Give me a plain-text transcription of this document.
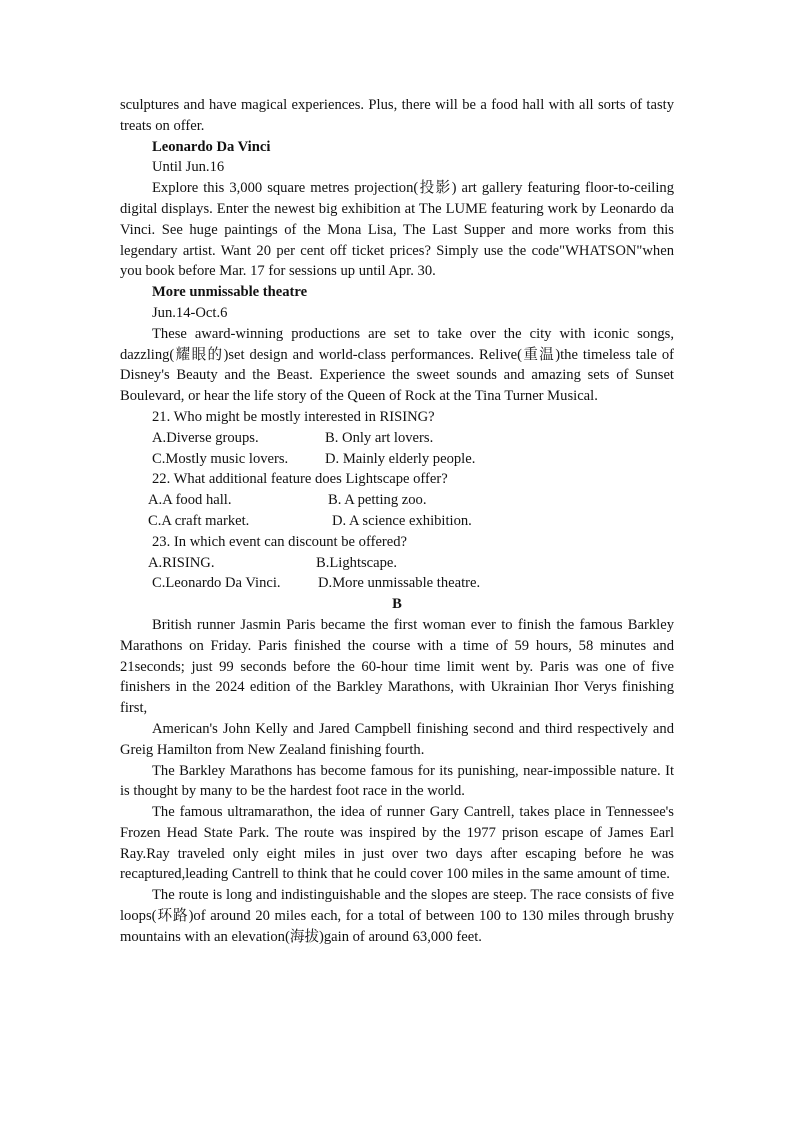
sculptures and have magical experiences. Plus, there will be a food hall with all sorts of tasty treats on offer.

Leonardo Da Vinci

Until Jun.16

Explore this 3,000 square metres projection(投影) art gallery featuring floor-to-ceiling digital displays. Enter the newest big exhibition at The LUME featuring work by Leonardo da Vinci. See huge paintings of the Mona Lisa, The Last Supper and more works from this legendary artist. Want 20 per cent off ticket prices? Simply use the code"WHATSON"when you book before Mar. 17 for sessions up until Apr. 30.

More unmissable theatre

Jun.14-Oct.6

These award-winning productions are set to take over the city with iconic songs, dazzling(耀眼的)set design and world-class performances. Relive(重温)the timeless tale of Disney's Beauty and the Beast. Experience the sweet sounds and amazing sets of Sunset Boulevard, or hear the life story of the Queen of Rock at the Tina Turner Musical.

21. Who might be mostly interested in RISING?

A.Diverse groups.	B. Only art lovers.
C.Mostly music lovers.	D. Mainly elderly people.

22. What additional feature does Lightscape offer?

A.A food hall.	B. A petting zoo.
C.A craft market.	D. A science exhibition.

23. In which event can discount be offered?

A.RISING.	B.Lightscape.
C.Leonardo Da Vinci.	D.More unmissable theatre.

B

British runner Jasmin Paris became the first woman ever to finish the famous Barkley Marathons on Friday. Paris finished the course with a time of 59 hours, 58 minutes and 21seconds; just 99 seconds before the 60-hour time limit went by. Paris was one of five finishers in the 2024 edition of the Barkley Marathons, with Ukrainian Ihor Verys finishing first,

American's John Kelly and Jared Campbell finishing second and third respectively and Greig Hamilton from New Zealand finishing fourth.

The Barkley Marathons has become famous for its punishing, near-impossible nature. It is thought by many to be the hardest foot race in the world.

The famous ultramarathon, the idea of runner Gary Cantrell, takes place in Tennessee's Frozen Head State Park. The route was inspired by the 1977 prison escape of James Earl Ray.Ray traveled only eight miles in just over two days after escaping before he was recaptured,leading Cantrell to think that he could cover 100 miles in the same amount of time.

The route is long and indistinguishable and the slopes are steep. The race consists of five loops(环路)of around 20 miles each, for a total of between 100 to 130 miles through brushy mountains with an elevation(海拔)gain of around 63,000 feet.
